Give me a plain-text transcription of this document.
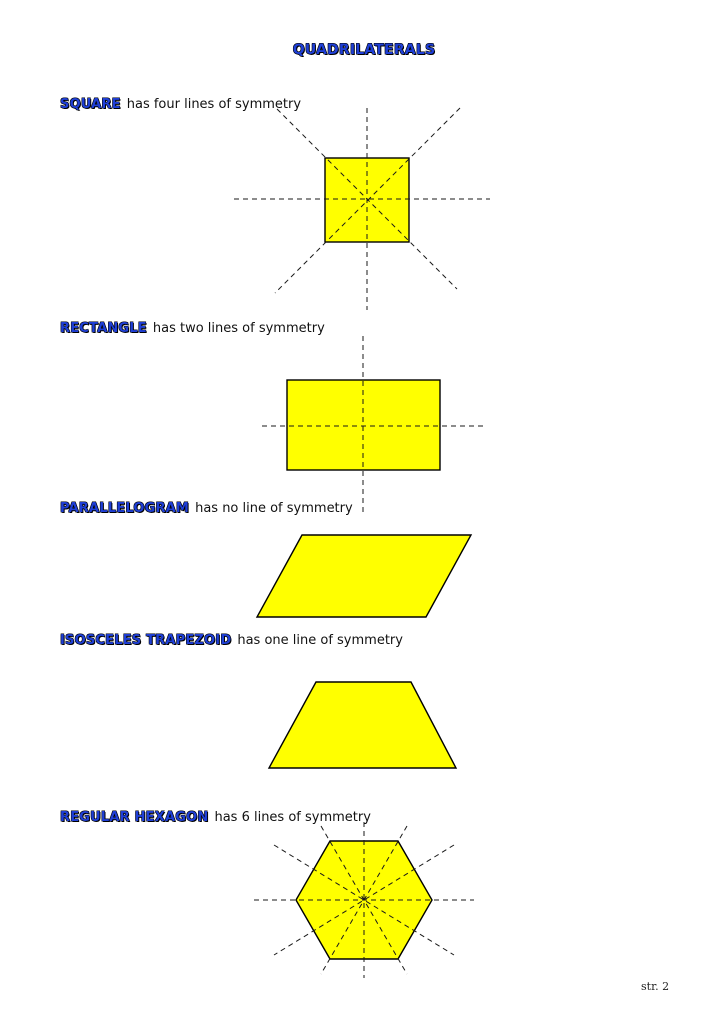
QUADRILATERALS
SQUARE has four lines of symmetry
RECTANGLE has two lines of symmetry
PARALLELOGRAM has no line of symmetry
ISOSCELES TRAPEZOID has one line of symmetry
REGULAR HEXAGON has 6 lines of symmetry
str. 2
